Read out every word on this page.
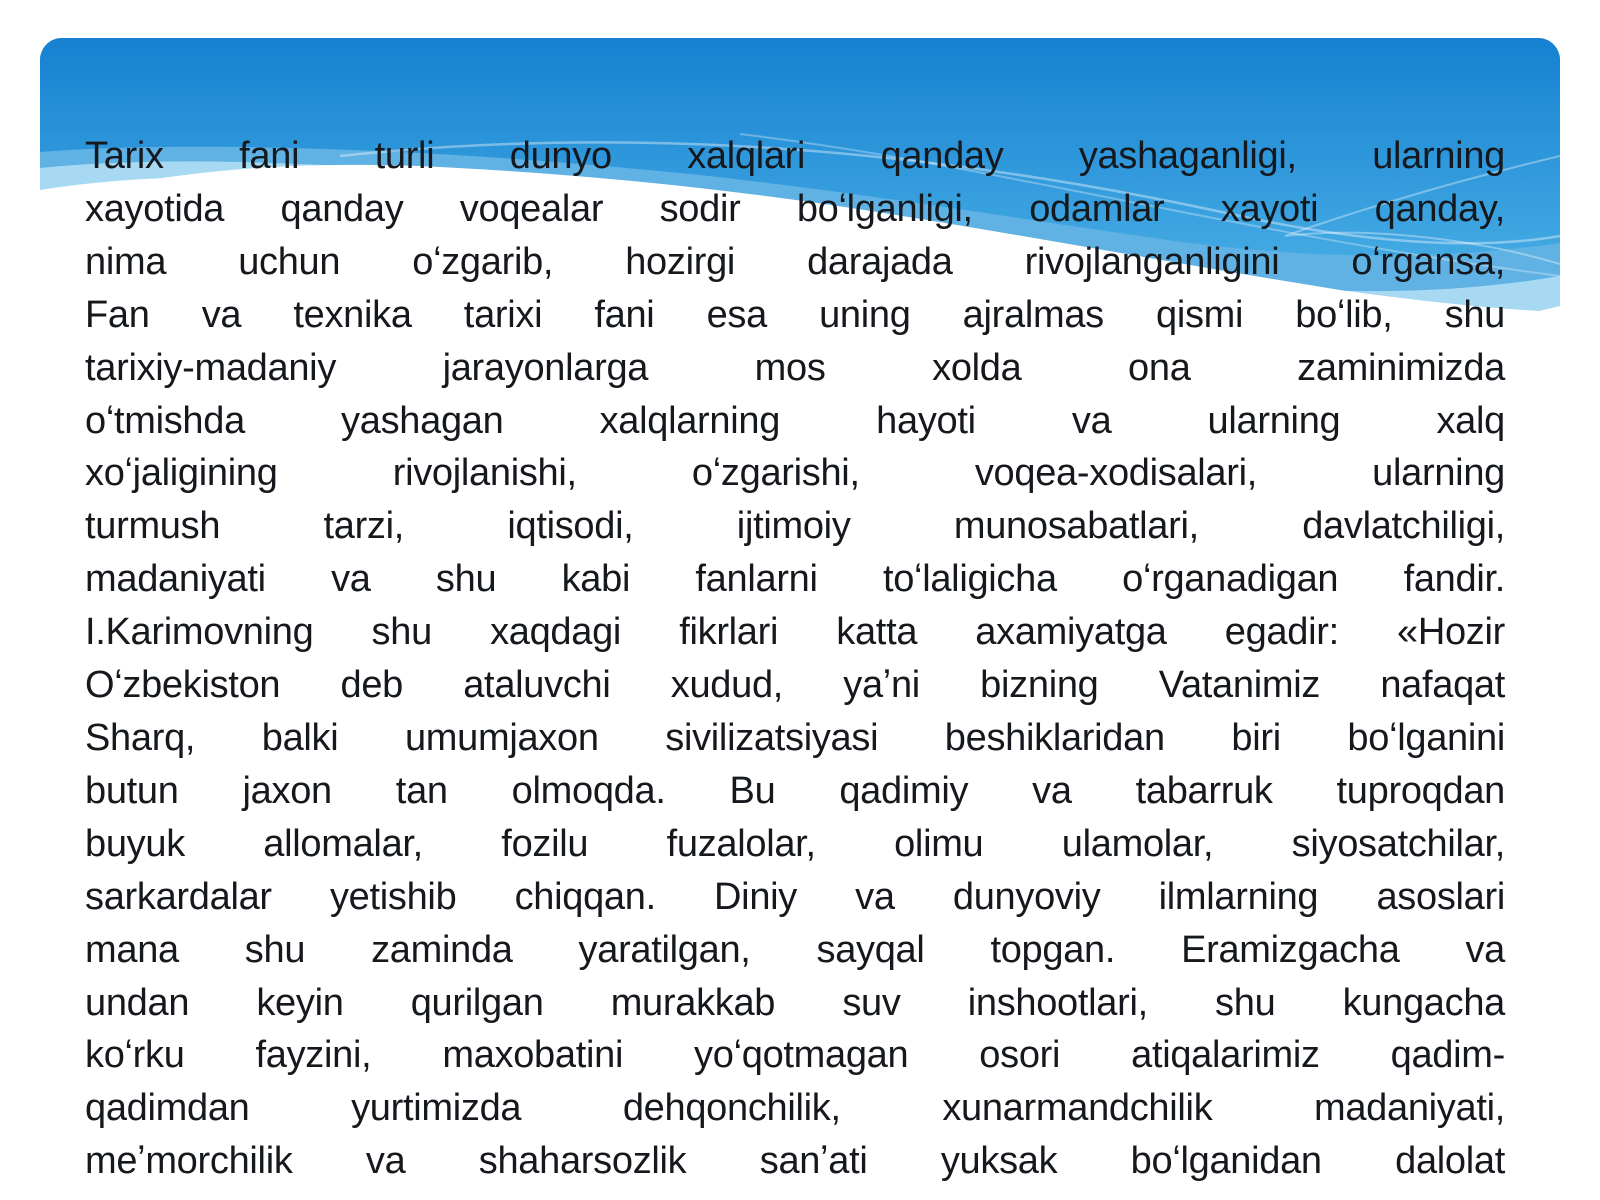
Tarix fani turli dunyo xalqlari qanday yashaganligi, ularning
xayotida qanday voqealar sodir boʻlganligi, odamlar xayoti qanday,
nima uchun oʻzgarib, hozirgi darajada rivojlanganligini oʻrgansa,
Fan va texnika tarixi fani esa uning ajralmas qismi boʻlib, shu
tarixiy-madaniy jarayonlarga mos xolda ona zaminimizda
oʻtmishda yashagan xalqlarning hayoti va ularning xalq
xoʻjaligining rivojlanishi, oʻzgarishi, voqea-xodisalari, ularning
turmush tarzi, iqtisodi, ijtimoiy munosabatlari, davlatchiligi,
madaniyati va shu kabi fanlarni toʻlaligicha oʻrganadigan fandir.
I.Karimovning shu xaqdagi fikrlari katta axamiyatga egadir: «Hozir
Oʻzbekiston deb ataluvchi xudud, yaʼni bizning Vatanimiz nafaqat
Sharq, balki umumjaxon sivilizatsiyasi beshiklaridan biri boʻlganini
butun jaxon tan olmoqda. Bu qadimiy va tabarruk tuproqdan
buyuk allomalar, fozilu fuzalolar, olimu ulamolar, siyosatchilar,
sarkardalar yetishib chiqqan. Diniy va dunyoviy ilmlarning asoslari
mana shu zaminda yaratilgan, sayqal topgan. Eramizgacha va
undan keyin qurilgan murakkab suv inshootlari, shu kungacha
koʻrku fayzini, maxobatini yoʻqotmagan osori atiqalarimiz qadim-
qadimdan yurtimizda dehqonchilik, xunarmandchilik madaniyati,
meʼmorchilik va shaharsozlik sanʼati yuksak boʻlganidan dalolat
